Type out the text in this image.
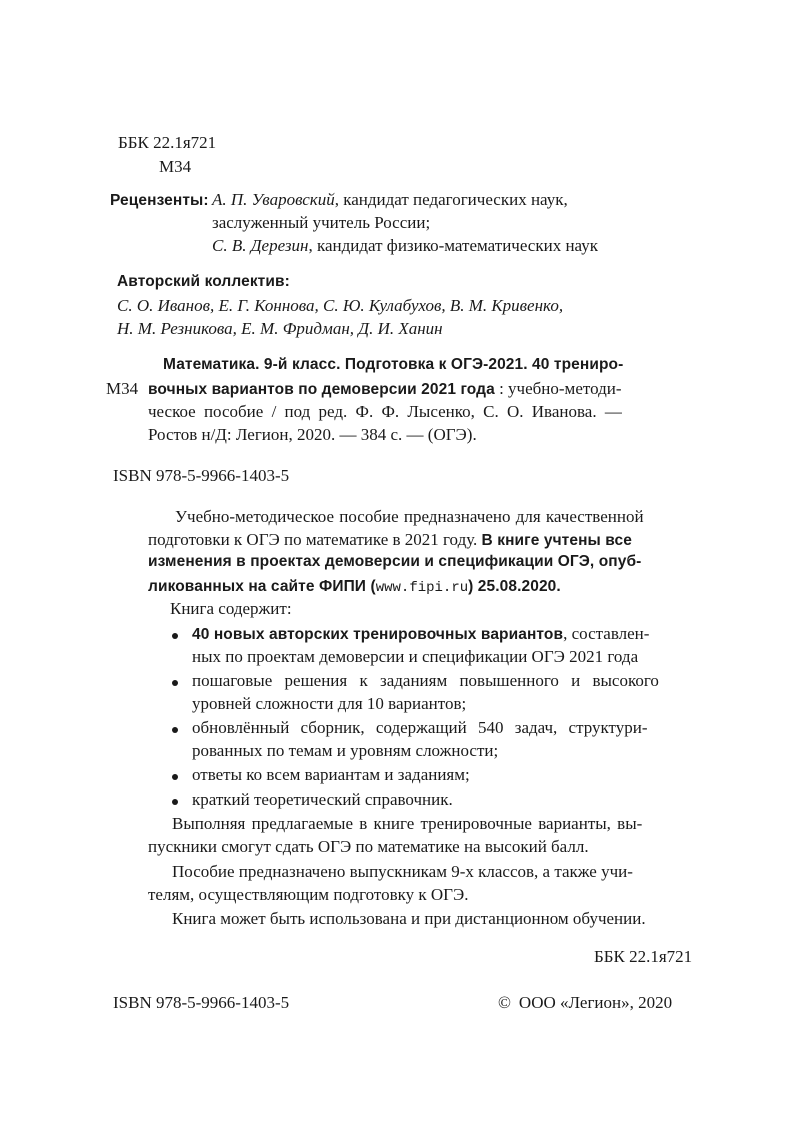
ББК 22.1я721
М34
Рецензенты: А. П. Уваровский, кандидат педагогических наук,
заслуженный учитель России;
С. В. Дерезин, кандидат физико-математических наук
Авторский коллектив:
С. О. Иванов, Е. Г. Коннова, С. Ю. Кулабухов, В. М. Кривенко,
Н. М. Резникова, Е. М. Фридман, Д. И. Ханин
Математика. 9-й класс. Подготовка к ОГЭ-2021. 40 трениро-
М34 вочных вариантов по демоверсии 2021 года : учебно-методи-
ческое пособие / под ред. Ф. Ф. Лысенко, С. О. Иванова. —
Ростов н/Д: Легион, 2020. — 384 с. — (ОГЭ).
ISBN 978-5-9966-1403-5
Учебно-методическое пособие предназначено для качественной
подготовки к ОГЭ по математике в 2021 году. В книге учтены все
изменения в проектах демоверсии и спецификации ОГЭ, опуб-
ликованных на сайте ФИПИ (www.fipi.ru) 25.08.2020.
Книга содержит:
40 новых авторских тренировочных вариантов, составлен-
ных по проектам демоверсии и спецификации ОГЭ 2021 года
пошаговые решения к заданиям повышенного и высокого
уровней сложности для 10 вариантов;
обновлённый сборник, содержащий 540 задач, структури-
рованных по темам и уровням сложности;
ответы ко всем вариантам и заданиям;
краткий теоретический справочник.
Выполняя предлагаемые в книге тренировочные варианты, вы-
пускники смогут сдать ОГЭ по математике на высокий балл.
Пособие предназначено выпускникам 9-х классов, а также учи-
телям, осуществляющим подготовку к ОГЭ.
Книга может быть использована и при дистанционном обучении.
ББК 22.1я721
ISBN 978-5-9966-1403-5	© ООО «Легион», 2020
